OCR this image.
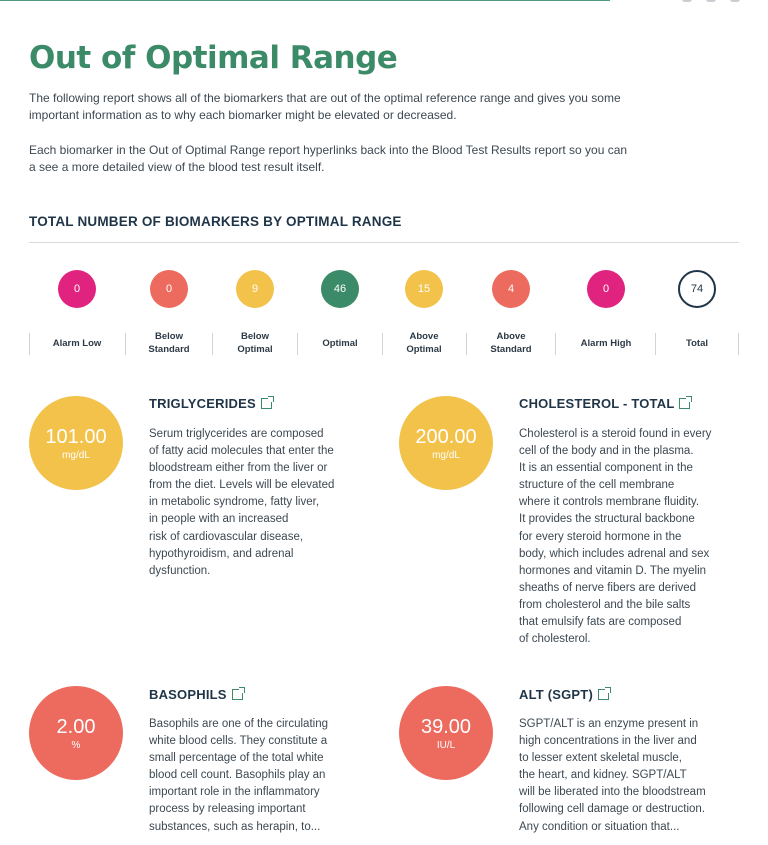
Out of Optimal Range

The following report shows all of the biomarkers that are out of the optimal reference range and gives you some important information as to why each biomarker might be elevated or decreased.

Each biomarker in the Out of Optimal Range report hyperlinks back into the Blood Test Results report so you can a see a more detailed view of the blood test result itself.

TOTAL NUMBER OF BIOMARKERS BY OPTIMAL RANGE
0
Alarm Low
0
Below
Standard
9
Below
Optimal
46
Optimal
15
Above
Optimal
4
Above
Standard
0
Alarm High
74
Total
101.00
mg/dL
TRIGLYCERIDES

Serum triglycerides are composed
of fatty acid molecules that enter the
bloodstream either from the liver or
from the diet. Levels will be elevated
in metabolic syndrome, fatty liver,
in people with an increased
risk of cardiovascular disease,
hypothyroidism, and adrenal
dysfunction.

200.00
mg/dL
CHOLESTEROL - TOTAL

Cholesterol is a steroid found in every
cell of the body and in the plasma.
It is an essential component in the
structure of the cell membrane
where it controls membrane fluidity.
It provides the structural backbone
for every steroid hormone in the
body, which includes adrenal and sex
hormones and vitamin D. The myelin
sheaths of nerve fibers are derived
from cholesterol and the bile salts
that emulsify fats are composed
of cholesterol.

2.00
%
BASOPHILS

Basophils are one of the circulating
white blood cells. They constitute a
small percentage of the total white
blood cell count. Basophils play an
important role in the inflammatory
process by releasing important
substances, such as herapin, to...

39.00
IU/L
ALT (SGPT)

SGPT/ALT is an enzyme present in
high concentrations in the liver and
to lesser extent skeletal muscle,
the heart, and kidney. SGPT/ALT
will be liberated into the bloodstream
following cell damage or destruction.
Any condition or situation that...
